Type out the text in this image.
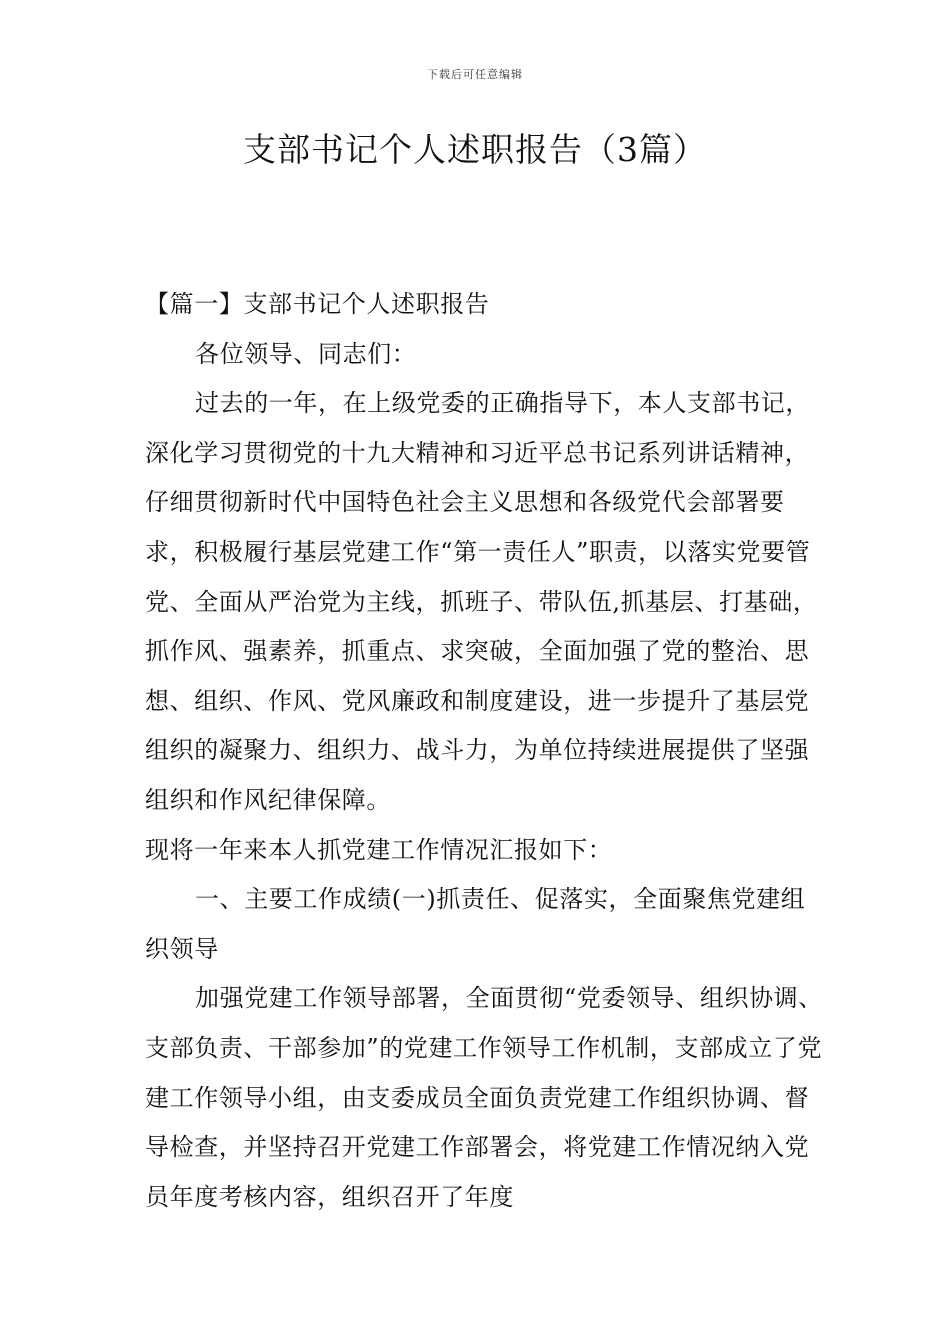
下载后可任意编辑
支部书记个人述职报告（3篇）

【篇一】支部书记个人述职报告

各位领导、同志们：

过去的一年，在上级党委的正确指导下，本人支部书记，深化学习贯彻党的十九大精神和习近平总书记系列讲话精神，仔细贯彻新时代中国特色社会主义思想和各级党代会部署要求，积极履行基层党建工作“第一责任人”职责，以落实党要管党、全面从严治党为主线，抓班子、带队伍,抓基层、打基础，抓作风、强素养，抓重点、求突破，全面加强了党的整治、思想、组织、作风、党风廉政和制度建设，进一步提升了基层党组织的凝聚力、组织力、战斗力，为单位持续进展提供了坚强组织和作风纪律保障。

现将一年来本人抓党建工作情况汇报如下：

一、主要工作成绩(一)抓责任、促落实，全面聚焦党建组织领导

加强党建工作领导部署，全面贯彻“党委领导、组织协调、支部负责、干部参加”的党建工作领导工作机制，支部成立了党建工作领导小组，由支委成员全面负责党建工作组织协调、督导检查，并坚持召开党建工作部署会，将党建工作情况纳入党员年度考核内容，组织召开了年度
